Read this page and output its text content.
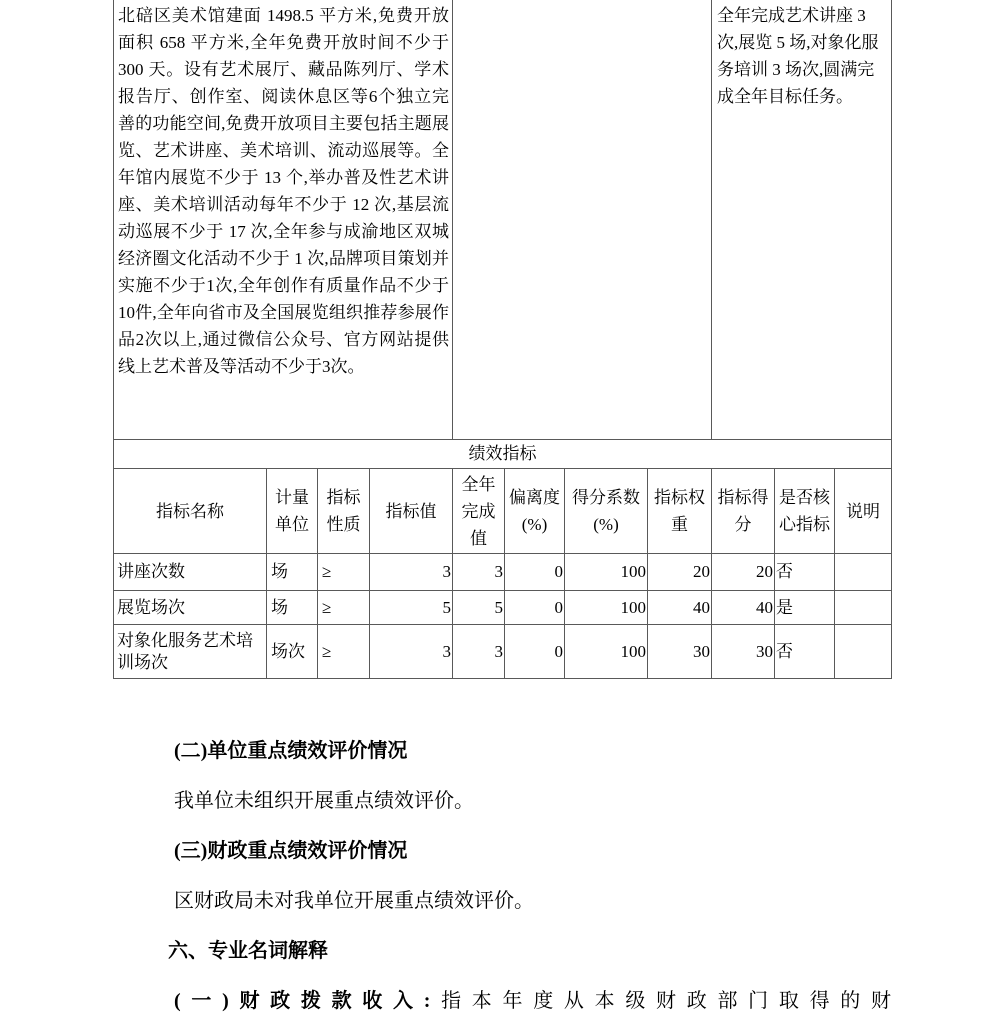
北碚区美术馆建面 1498.5 平方米,免费开放面积 658 平方米,全年免费开放时间不少于 300 天。设有艺术展厅、藏品陈列厅、学术报告厅、创作室、阅读休息区等6个独立完善的功能空间,免费开放项目主要包括主题展览、艺术讲座、美术培训、流动巡展等。全年馆内展览不少于 13 个,举办普及性艺术讲座、美术培训活动每年不少于 12 次,基层流动巡展不少于 17 次,全年参与成渝地区双城经济圈文化活动不少于 1 次,品牌项目策划并实施不少于1次,全年创作有质量作品不少于10件,全年向省市及全国展览组织推荐参展作品2次以上,通过微信公众号、官方网站提供线上艺术普及等活动不少于3次。								全年完成艺术讲座 3 次,展览 5 场,对象化服务培训 3 场次,圆满完成全年目标任务。		
绩效指标										
指标名称	计量单位	指标性质	指标值	全年完成值	偏离度(%)	得分系数(%)	指标权重	指标得分	是否核心指标	说明
讲座次数	场	≥	3	3	0	100	20	20	否	
展览场次	场	≥	5	5	0	100	40	40	是	
对象化服务艺术培训场次	场次	≥	3	3	0	100	30	30	否	

(二)单位重点绩效评价情况

我单位未组织开展重点绩效评价。

(三)财政重点绩效评价情况

区财政局未对我单位开展重点绩效评价。

六、专业名词解释

(一)财政拨款收入:指本年度从本级财政部门取得的财
